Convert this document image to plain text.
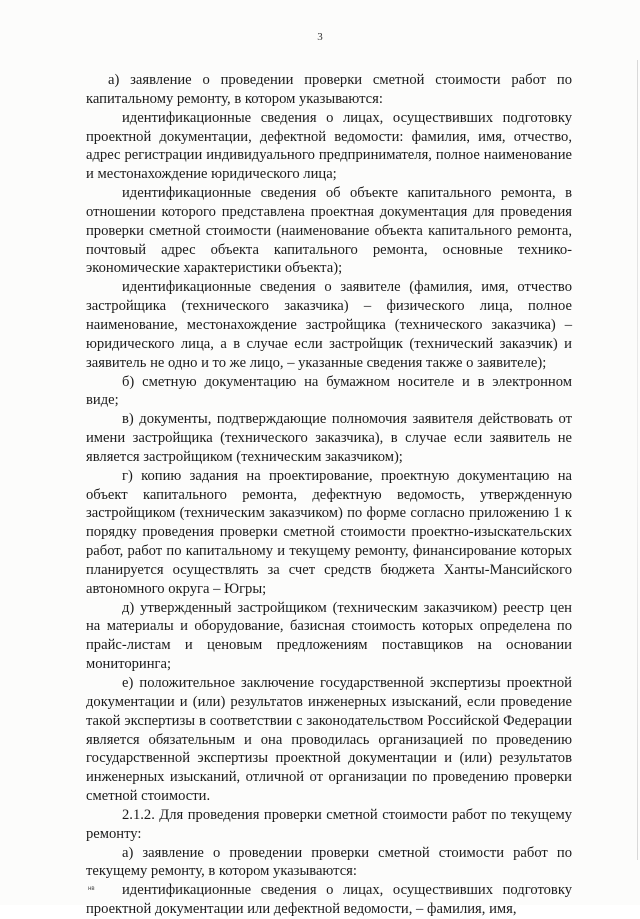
3

а) заявление о проведении проверки сметной стоимости работ по капитальному ремонту, в котором указываются:

идентификационные сведения о лицах, осуществивших подготовку проектной документации, дефектной ведомости: фамилия, имя, отчество, адрес регистрации индивидуального предпринимателя, полное наименование и местонахождение юридического лица;

идентификационные сведения об объекте капитального ремонта, в отношении которого представлена проектная документация для проведения проверки сметной стоимости (наименование объекта капитального ремонта, почтовый адрес объекта капитального ремонта, основные технико-экономические характеристики объекта);

идентификационные сведения о заявителе (фамилия, имя, отчество застройщика (технического заказчика) – физического лица, полное наименование, местонахождение застройщика (технического заказчика) – юридического лица, а в случае если застройщик (технический заказчик) и заявитель не одно и то же лицо, – указанные сведения также о заявителе);

б) сметную документацию на бумажном носителе и в электронном виде;

в) документы, подтверждающие полномочия заявителя действовать от имени застройщика (технического заказчика), в случае если заявитель не является застройщиком (техническим заказчиком);

г) копию задания на проектирование, проектную документацию на объект капитального ремонта, дефектную ведомость, утвержденную застройщиком (техническим заказчиком) по форме согласно приложению 1 к порядку проведения проверки сметной стоимости проектно-изыскательских работ, работ по капитальному и текущему ремонту, финансирование которых планируется осуществлять за счет средств бюджета Ханты-Мансийского автономного округа – Югры;

д) утвержденный застройщиком (техническим заказчиком) реестр цен на материалы и оборудование, базисная стоимость которых определена по прайс-листам и ценовым предложениям поставщиков на основании мониторинга;

е) положительное заключение государственной экспертизы проектной документации и (или) результатов инженерных изысканий, если проведение такой экспертизы в соответствии с законодательством Российской Федерации является обязательным и она проводилась организацией по проведению государственной экспертизы проектной документации и (или) результатов инженерных изысканий, отличной от организации по проведению проверки сметной стоимости.

2.1.2. Для проведения проверки сметной стоимости работ по текущему ремонту:

а) заявление о проведении проверки сметной стоимости работ по текущему ремонту, в котором указываются:

идентификационные сведения о лицах, осуществивших подготовку проектной документации или дефектной ведомости, – фамилия, имя,

нв
